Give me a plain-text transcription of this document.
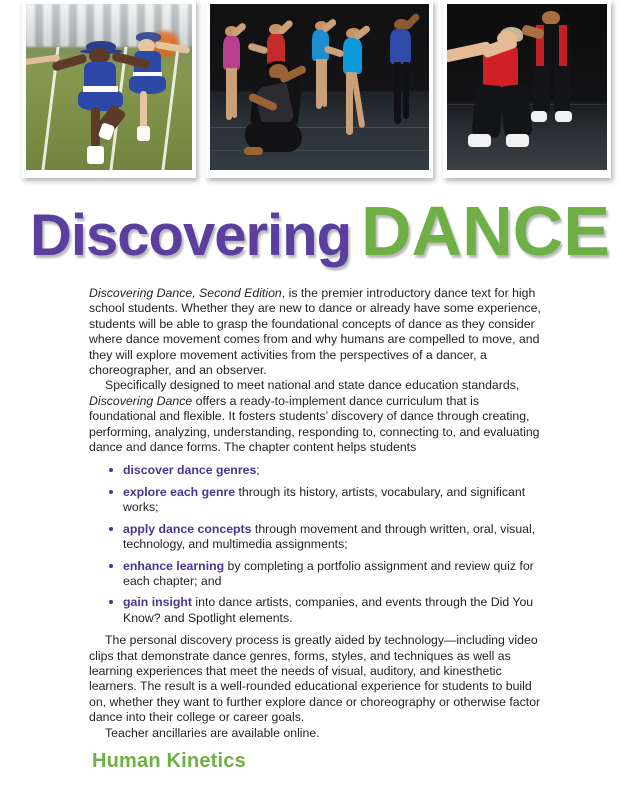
Discovering DANCE

Discovering Dance, Second Edition, is the premier introductory dance text for high school students. Whether they are new to dance or already have some experience, students will be able to grasp the foundational concepts of dance as they consider where dance movement comes from and why humans are compelled to move, and they will explore movement activities from the perspectives of a dancer, a choreographer, and an observer.

Specifically designed to meet national and state dance education standards, Discovering Dance offers a ready-to-implement dance curriculum that is foundational and flexible. It fosters students’ discovery of dance through creating, performing, analyzing, understanding, responding to, connecting to, and evaluating dance and dance forms. The chapter content helps students

discover dance genres;
explore each genre through its history, artists, vocabulary, and significant works;
apply dance concepts through movement and through written, oral, visual, technology, and multimedia assignments;
enhance learning by completing a portfolio assignment and review quiz for each chapter; and
gain insight into dance artists, companies, and events through the Did You Know? and Spotlight elements.

The personal discovery process is greatly aided by technology—including video clips that demonstrate dance genres, forms, styles, and techniques as well as learning experiences that meet the needs of visual, auditory, and kinesthetic learners. The result is a well-rounded educational experience for students to build on, whether they want to further explore dance or choreography or otherwise factor dance into their college or career goals.

Teacher ancillaries are available online.

Human Kinetics
